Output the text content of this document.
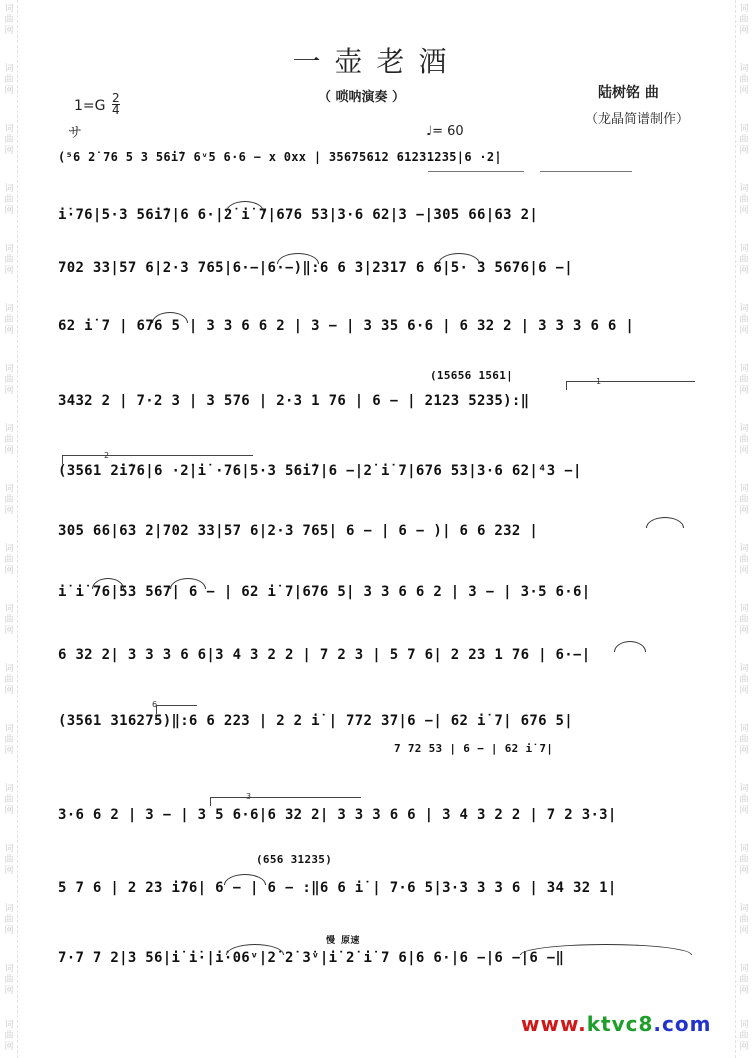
词曲网
词曲网
词曲网
词曲网
词曲网
词曲网
词曲网
词曲网
词曲网
词曲网
词曲网
词曲网
词曲网
词曲网
词曲网
词曲网
词曲网
词曲网
词曲网
词曲网
词曲网
词曲网
词曲网
词曲网
词曲网
词曲网
词曲网
词曲网
词曲网
词曲网
词曲网
词曲网
词曲网
词曲网
词曲网
词曲网
一壶老酒
（ 唢呐演奏 ）	陆树铭 曲
（龙晶简谱制作）
1=G 2
4
サ	♩= 60
(⁵6 2̇ 76 5 3 56i̇7 6ᵛ5 6·6 − x 0xx | 35675612 61231235|6 ·2̇|
i̇·76|5·3 56i̇7|6 6·|2̇ i̇ 7|676 53|3·6 62|3 −|305 66|63 2|
702 33|57 6|2·3 765|6·−|6·−)‖:6 6 3|2317 6 6|5· 3 5676|6 −|
62 i̇ 7 | 676 5 | 3 3 6 6 2 | 3 − | 3 35 6·6 | 6 32 2 | 3 3 3 6 6 |
(15656 1561|
3432 2 | 7·2 3 | 3 576 | 2·3 1 76 | 6 − | 2123 5235):‖
1
2
(3561 2̇i̇76|6 ·2̇|i̇ ·76|5·3 56i̇7|6 −|2̇ i̇ 7|676 53|3·6 62|⁴3 −|
305 66|63 2|702 33|57 6|2·3 765| 6 − | 6 − )| 6 6 232 |
i̇ i̇ 76|53 567| 6 − | 62 i̇ 7|676 5| 3 3 6 6 2 | 3 − | 3·5 6·6|
6 32 2| 3 3 3 6 6|3 4 3 2 2 | 7 2 3 | 5 7 6| 2 23 1 76 | 6·−|
6
(3561 316275)‖:6 6 223 | 2 2 i̇ | 772 37|6 −| 62 i̇ 7| 676 5|
7 72 53 | 6 − | 62 i̇ 7|
3
3·6 6 2 | 3 − | 3 5 6·6|6 32 2| 3 3 3 6 6 | 3 4 3 2 2 | 7 2 3·3|
(656 31235)
5 7 6 | 2 23 i̇76| 6 − | 6 − :‖6 6 i̇ | 7·6 5|3·3 3 3 6 | 34 32 1|
慢 原速
7·7 7 2|3 56|i̇ i̇·|i̇·06ᵛ|2̇ 2̇ 3̇ᵛ|i̇ 2̇ i̇ 7 6|6 6·|6 −|6 −|6 −‖
www.ktvc8.com
